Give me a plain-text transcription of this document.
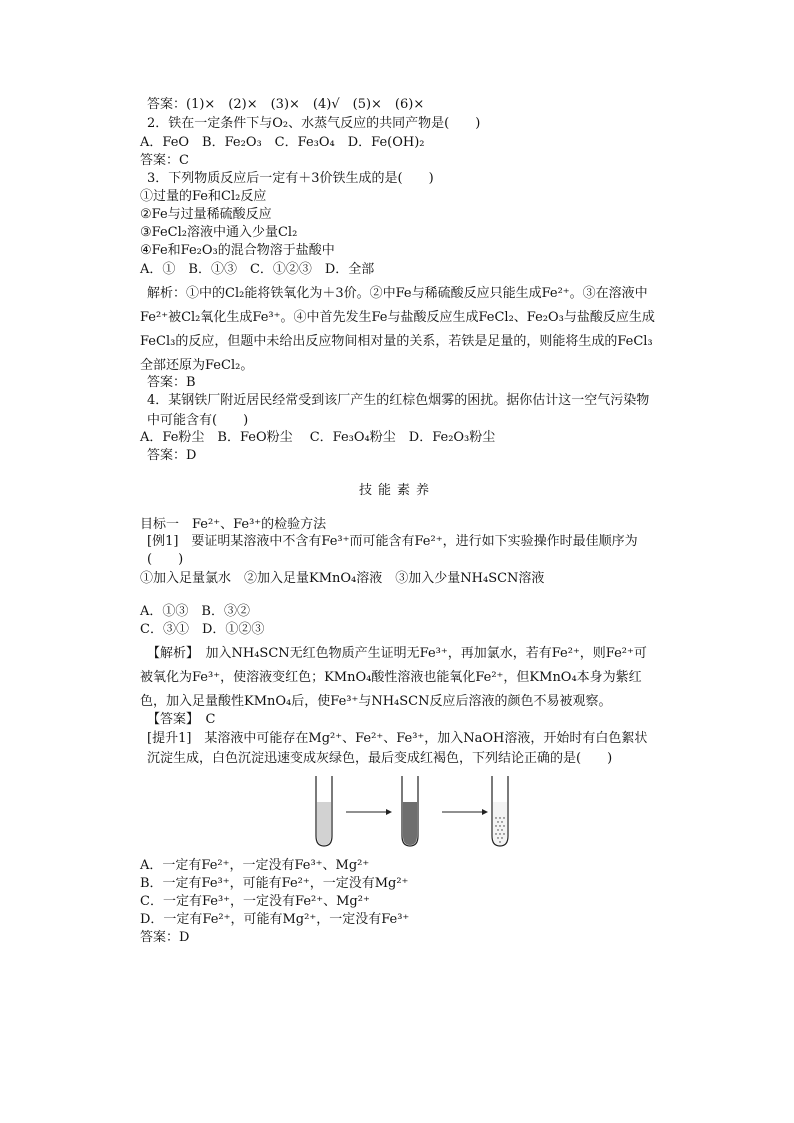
答案：(1)×　(2)×　(3)×　(4)√　(5)×　(6)×
2．铁在一定条件下与O₂、水蒸气反应的共同产物是(　　)
A．FeO　B．Fe₂O₃　C．Fe₃O₄　D．Fe(OH)₂
答案：C
3．下列物质反应后一定有＋3价铁生成的是(　　)
①过量的Fe和Cl₂反应
②Fe与过量稀硫酸反应
③FeCl₂溶液中通入少量Cl₂
④Fe和Fe₂O₃的混合物溶于盐酸中
A．①　B．①③　C．①②③　D．全部
解析：①中的Cl₂能将铁氧化为＋3价。②中Fe与稀硫酸反应只能生成Fe²⁺。③在溶液中Fe²⁺被Cl₂氧化生成Fe³⁺。④中首先发生Fe与盐酸反应生成FeCl₂、Fe₂O₃与盐酸反应生成FeCl₃的反应，但题中未给出反应物间相对量的关系，若铁是足量的，则能将生成的FeCl₃全部还原为FeCl₂。
答案：B
4．某钢铁厂附近居民经常受到该厂产生的红棕色烟雾的困扰。据你估计这一空气污染物中可能含有(　　)
A．Fe粉尘　B．FeO粉尘　 C．Fe₃O₄粉尘　D．Fe₂O₃粉尘
答案：D
技能素养
目标一　Fe²⁺、Fe³⁺的检验方法
[例1]　要证明某溶液中不含有Fe³⁺而可能含有Fe²⁺，进行如下实验操作时最佳顺序为(　　)
①加入足量氯水　②加入足量KMnO₄溶液　③加入少量NH₄SCN溶液
A．①③　B．③②
C．③①　D．①②③
【解析】　加入NH₄SCN无红色物质产生证明无Fe³⁺，再加氯水，若有Fe²⁺，则Fe²⁺可被氧化为Fe³⁺，使溶液变红色；KMnO₄酸性溶液也能氧化Fe²⁺，但KMnO₄本身为紫红色，加入足量酸性KMnO₄后，使Fe³⁺与NH₄SCN反应后溶液的颜色不易被观察。
【答案】　C
[提升1]　某溶液中可能存在Mg²⁺、Fe²⁺、Fe³⁺，加入NaOH溶液，开始时有白色絮状沉淀生成，白色沉淀迅速变成灰绿色，最后变成红褐色，下列结论正确的是(　　)
A．一定有Fe²⁺，一定没有Fe³⁺、Mg²⁺
B．一定有Fe³⁺，可能有Fe²⁺，一定没有Mg²⁺
C．一定有Fe³⁺，一定没有Fe²⁺、Mg²⁺
D．一定有Fe²⁺，可能有Mg²⁺，一定没有Fe³⁺
答案：D
